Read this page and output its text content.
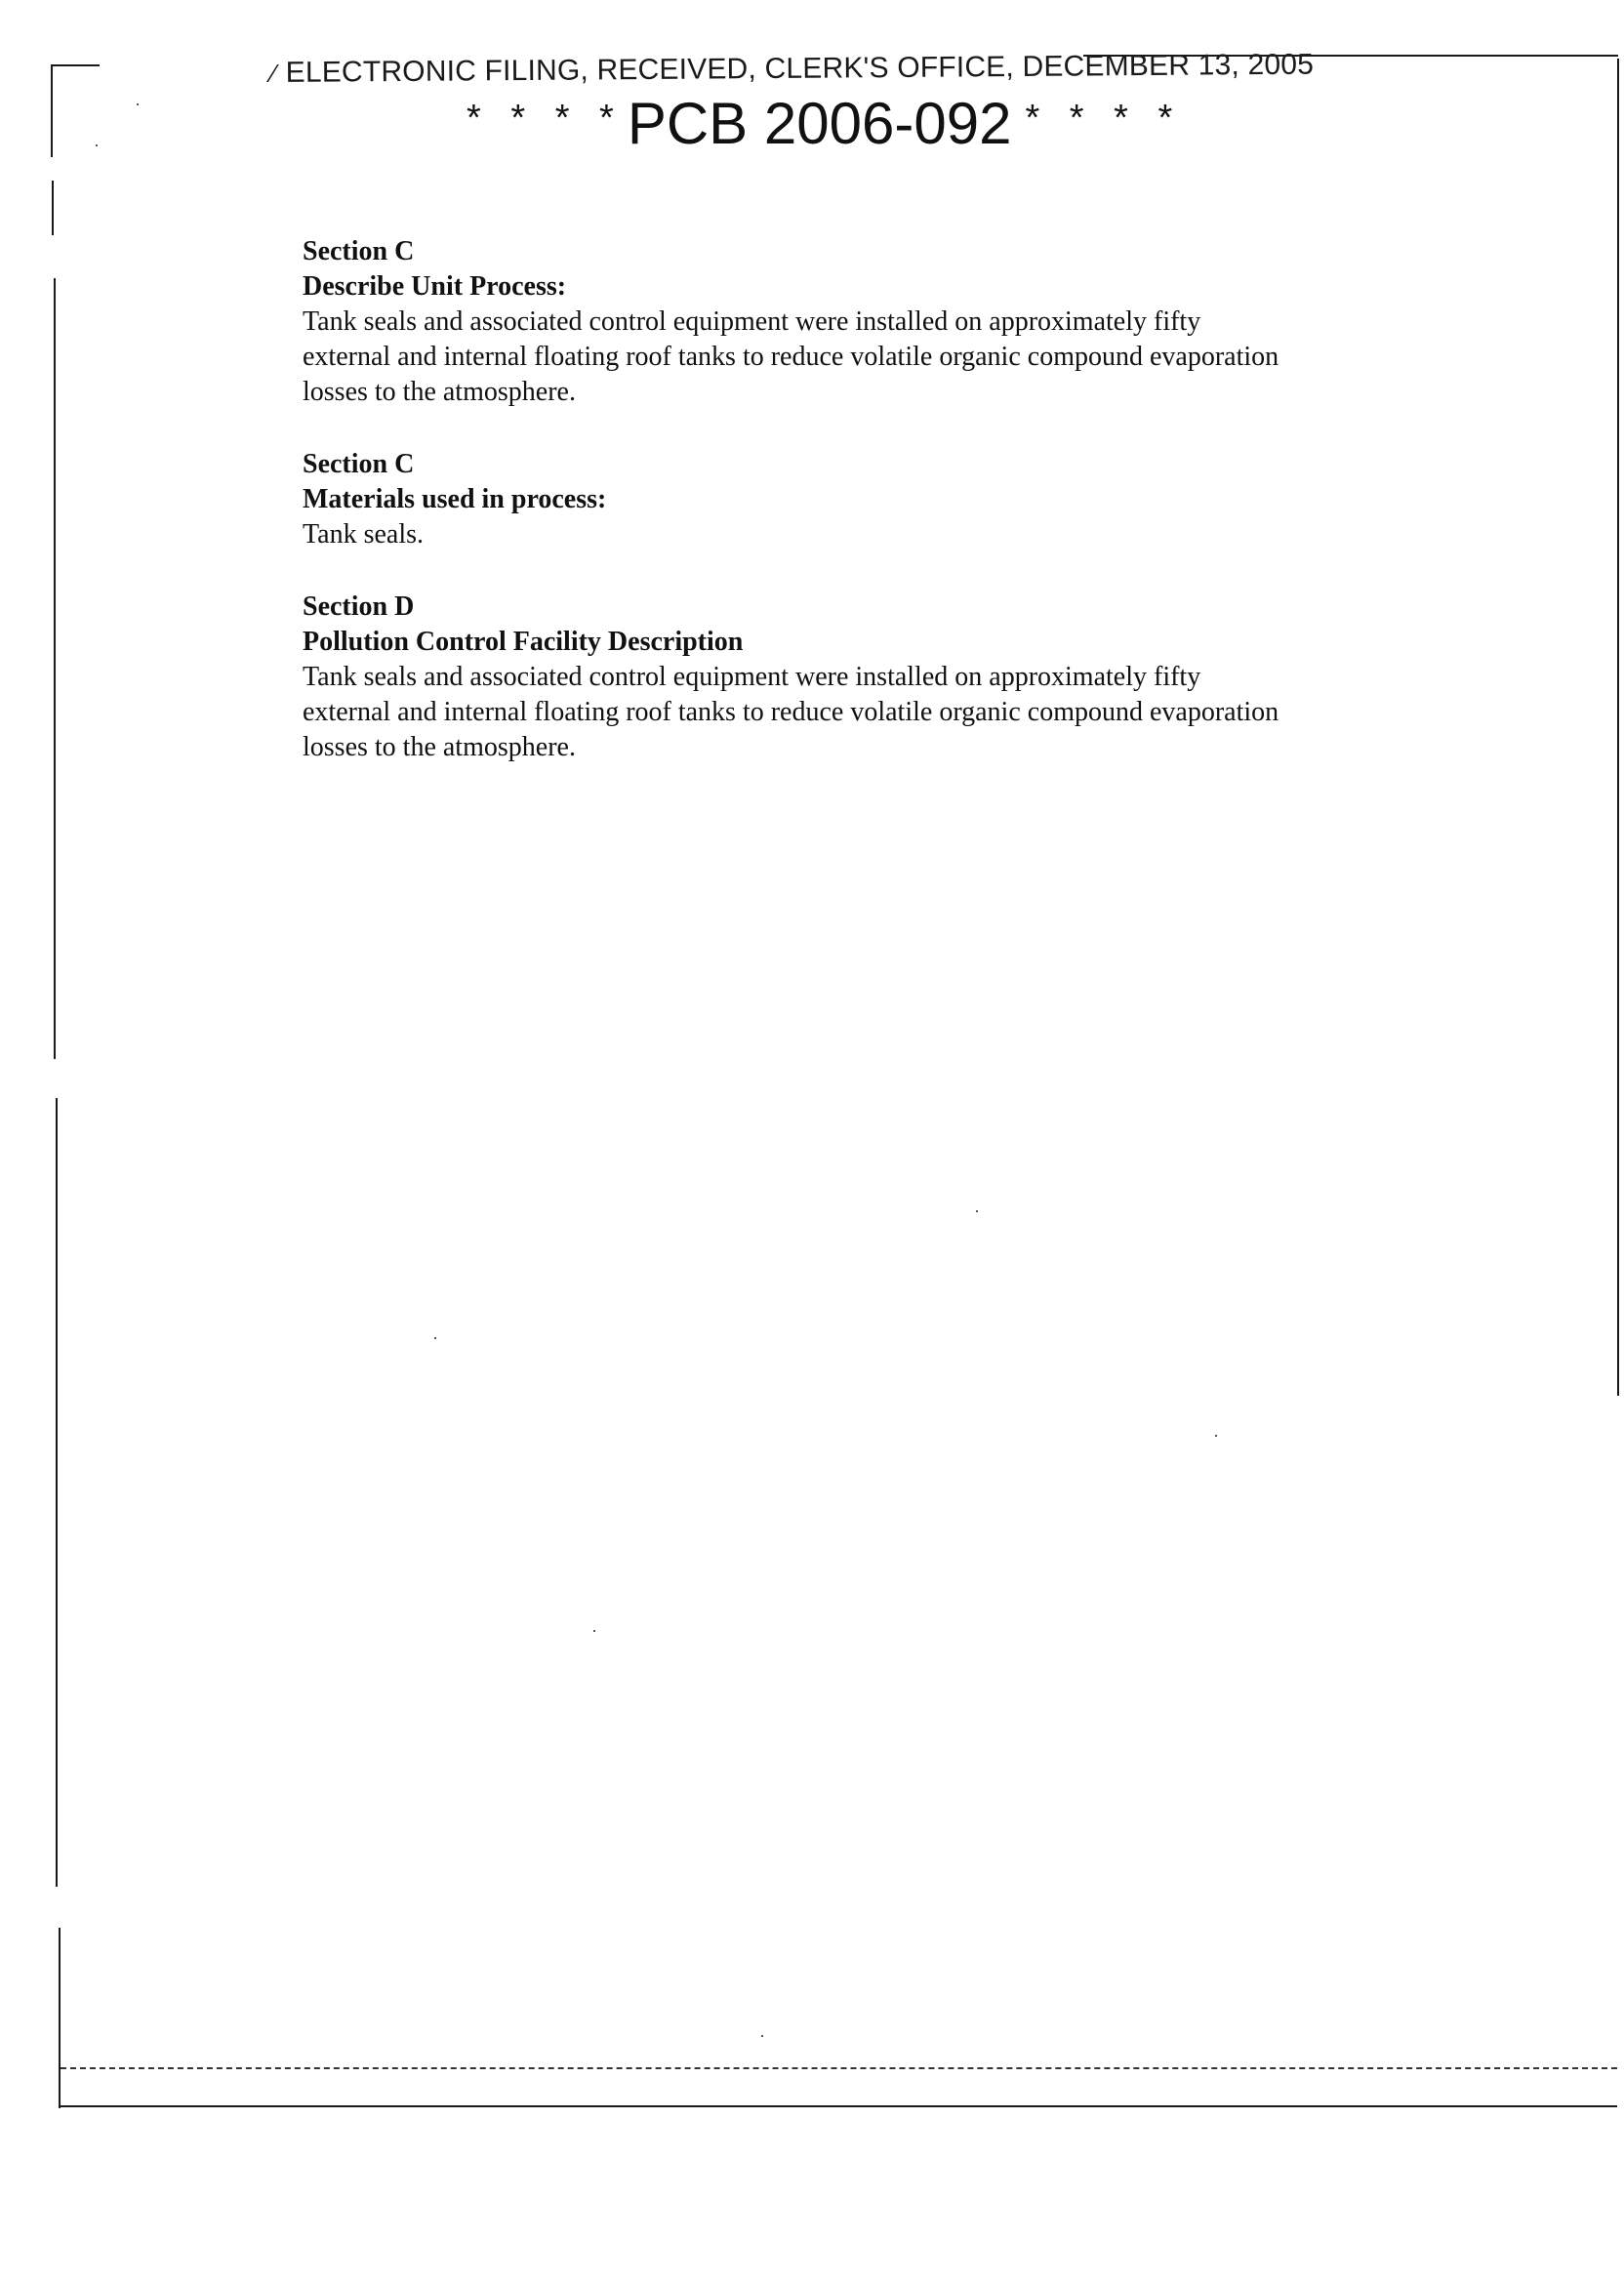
∕ ELECTRONIC FILING, RECEIVED, CLERK'S OFFICE, DECEMBER 13, 2005
* * * *PCB 2006-092 * * * *
Section C
Describe Unit Process:

Tank seals and associated control equipment were installed on approximately fifty

external and internal floating roof tanks to reduce volatile organic compound evaporation

losses to the atmosphere.

Section C
Materials used in process:

Tank seals.

Section D
Pollution Control Facility Description

Tank seals and associated control equipment were installed on approximately fifty

external and internal floating roof tanks to reduce volatile organic compound evaporation

losses to the atmosphere.
